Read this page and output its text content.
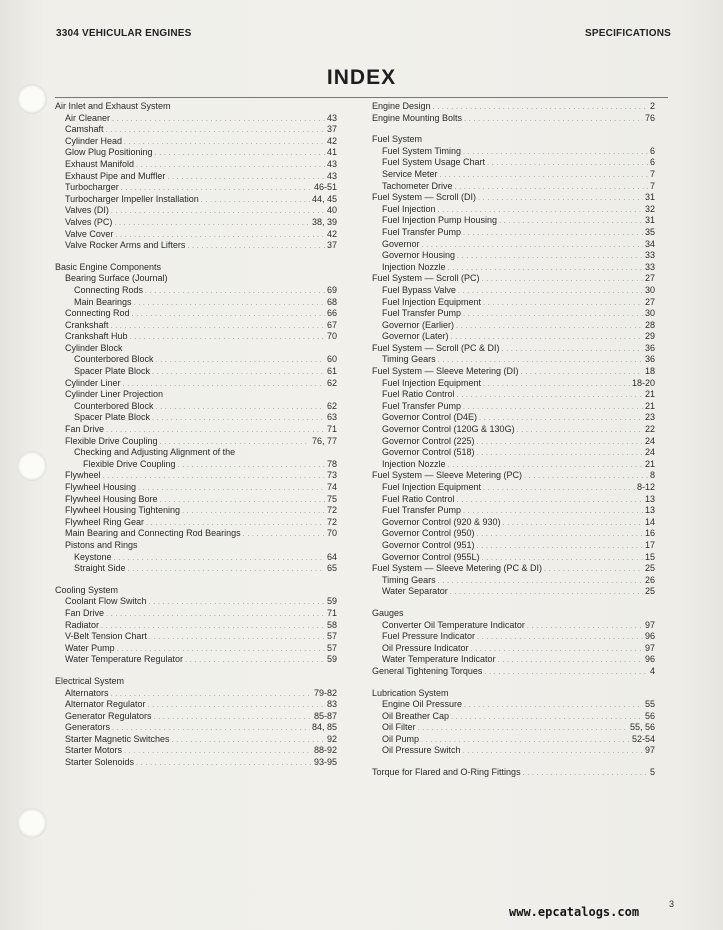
3304 VEHICULAR ENGINES	SPECIFICATIONS
INDEX
Air Inlet and Exhaust System
Air Cleaner . . .	43
Camshaft . . .	37
Cylinder Head . . .	42
Glow Plug Positioning . . .	41
Exhaust Manifold . . .	43
Exhaust Pipe and Muffler . . .	43
Turbocharger . . .	46-51
Turbocharger Impeller Installation . . .	44, 45
Valves (DI) . . .	40
Valves (PC) . . .	38, 39
Valve Cover . . .	42
Valve Rocker Arms and Lifters . . .	37
Basic Engine Components
Bearing Surface (Journal)
Connecting Rods . . .	69
Main Bearings . . .	68
Connecting Rod . . .	66
Crankshaft . . .	67
Crankshaft Hub . . .	70
Cylinder Block
Counterbored Block . . .	60
Spacer Plate Block . . .	61
Cylinder Liner . . .	62
Cylinder Liner Projection
Counterbored Block . . .	62
Spacer Plate Block . . .	63
Fan Drive . . .	71
Flexible Drive Coupling . . .	76, 77
Checking and Adjusting Alignment of the
Flexible Drive Coupling . . .	78
Flywheel . . .	73
Flywheel Housing . . .	74
Flywheel Housing Bore . . .	75
Flywheel Housing Tightening . . .	72
Flywheel Ring Gear . . .	72
Main Bearing and Connecting Rod Bearings . . .	70
Pistons and Rings
Keystone . . .	64
Straight Side . . .	65
Cooling System
Coolant Flow Switch . . .	59
Fan Drive . . .	71
Radiator . . .	58
V-Belt Tension Chart . . .	57
Water Pump . . .	57
Water Temperature Regulator . . .	59
Electrical System
Alternators . . .	79-82
Alternator Regulator . . .	83
Generator Regulators . . .	85-87
Generators . . .	84, 85
Starter Magnetic Switches . . .	92
Starter Motors . . .	88-92
Starter Solenoids . . .	93-95
Engine Design . . .	2
Engine Mounting Bolts . . .	76
Fuel System
Fuel System Timing . . .	6
Fuel System Usage Chart . . .	6
Service Meter . . .	7
Tachometer Drive . . .	7
Fuel System — Scroll (DI) . . .	31
Fuel Injection . . .	32
Fuel Injection Pump Housing . . .	31
Fuel Transfer Pump . . .	35
Governor . . .	34
Governor Housing . . .	33
Injection Nozzle . . .	33
Fuel System — Scroll (PC) . . .	27
Fuel Bypass Valve . . .	30
Fuel Injection Equipment . . .	27
Fuel Transfer Pump . . .	30
Governor (Earlier) . . .	28
Governor (Later) . . .	29
Fuel System — Scroll (PC & DI) . . .	36
Timing Gears . . .	36
Fuel System — Sleeve Metering (DI) . . .	18
Fuel Injection Equipment . . .	18-20
Fuel Ratio Control . . .	21
Fuel Transfer Pump . . .	21
Governor Control (D4E) . . .	23
Governor Control (120G & 130G) . . .	22
Governor Control (225) . . .	24
Governor Control (518) . . .	24
Injection Nozzle . . .	21
Fuel System — Sleeve Metering (PC) . . .	8
Fuel Injection Equipment . . .	8-12
Fuel Ratio Control . . .	13
Fuel Transfer Pump . . .	13
Governor Control (920 & 930) . . .	14
Governor Control (950) . . .	16
Governor Control (951) . . .	17
Governor Control (955L) . . .	15
Fuel System — Sleeve Metering (PC & DI) . . .	25
Timing Gears . . .	26
Water Separator . . .	25
Gauges
Converter Oil Temperature Indicator . . .	97
Fuel Pressure Indicator . . .	96
Oil Pressure Indicator . . .	97
Water Temperature Indicator . . .	96
General Tightening Torques . . .	4
Lubrication System
Engine Oil Pressure . . .	55
Oil Breather Cap . . .	56
Oil Filter . . .	55, 56
Oil Pump . . .	52-54
Oil Pressure Switch . . .	97
Torque for Flared and O-Ring Fittings . . .	5
3
www.epcatalogs.com
